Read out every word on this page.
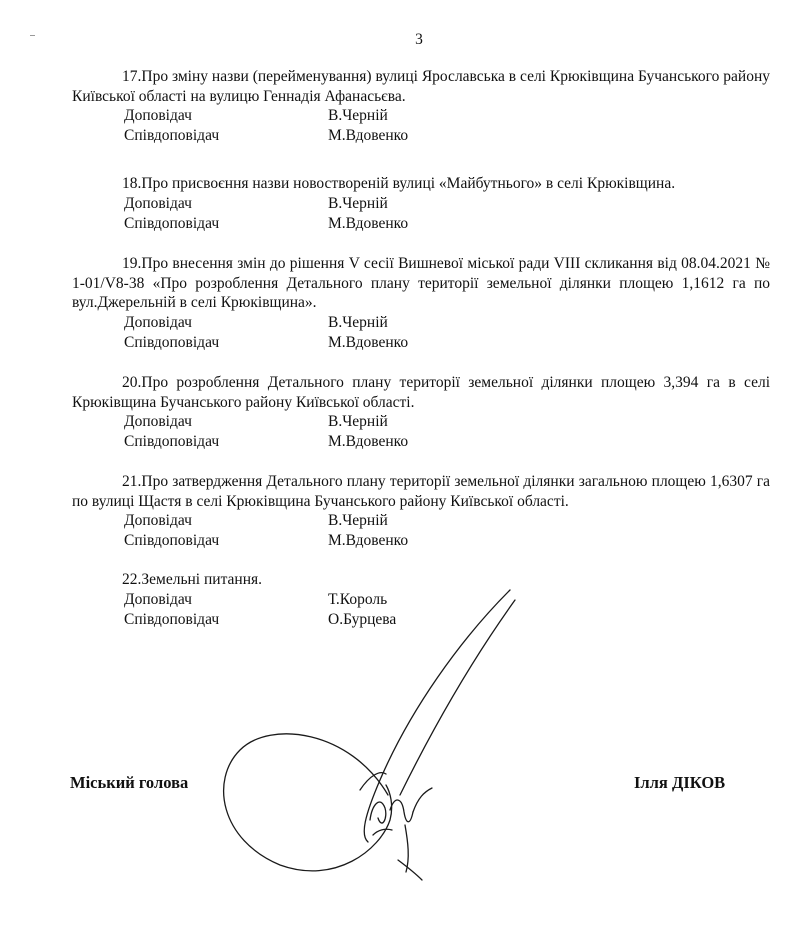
3
17.Про зміну назви (перейменування) вулиці Ярославська в селі Крюківщина Бучанського району Київської області на вулицю Геннадія Афанасьєва.
Доповідач	В.Черній
Співдоповідач	М.Вдовенко
18.Про присвоєння назви новоствореній вулиці «Майбутнього» в селі Крюківщина.
Доповідач	В.Черній
Співдоповідач	М.Вдовенко
19.Про внесення змін до рішення V сесії Вишневої міської ради VIII скликання від 08.04.2021 № 1-01/V8-38 «Про розроблення Детального плану території земельної ділянки площею 1,1612 га по вул.Джерельній в селі Крюківщина».
Доповідач	В.Черній
Співдоповідач	М.Вдовенко
20.Про розроблення Детального плану території земельної ділянки площею 3,394 га в селі Крюківщина Бучанського району Київської області.
Доповідач	В.Черній
Співдоповідач	М.Вдовенко
21.Про затвердження Детального плану території земельної ділянки загальною площею 1,6307 га по вулиці Щастя в селі Крюківщина Бучанського району Київської області.
Доповідач	В.Черній
Співдоповідач	М.Вдовенко
22.Земельні питання.
Доповідач	Т.Король
Співдоповідач	О.Бурцева
Міський голова	Ілля ДІКОВ
